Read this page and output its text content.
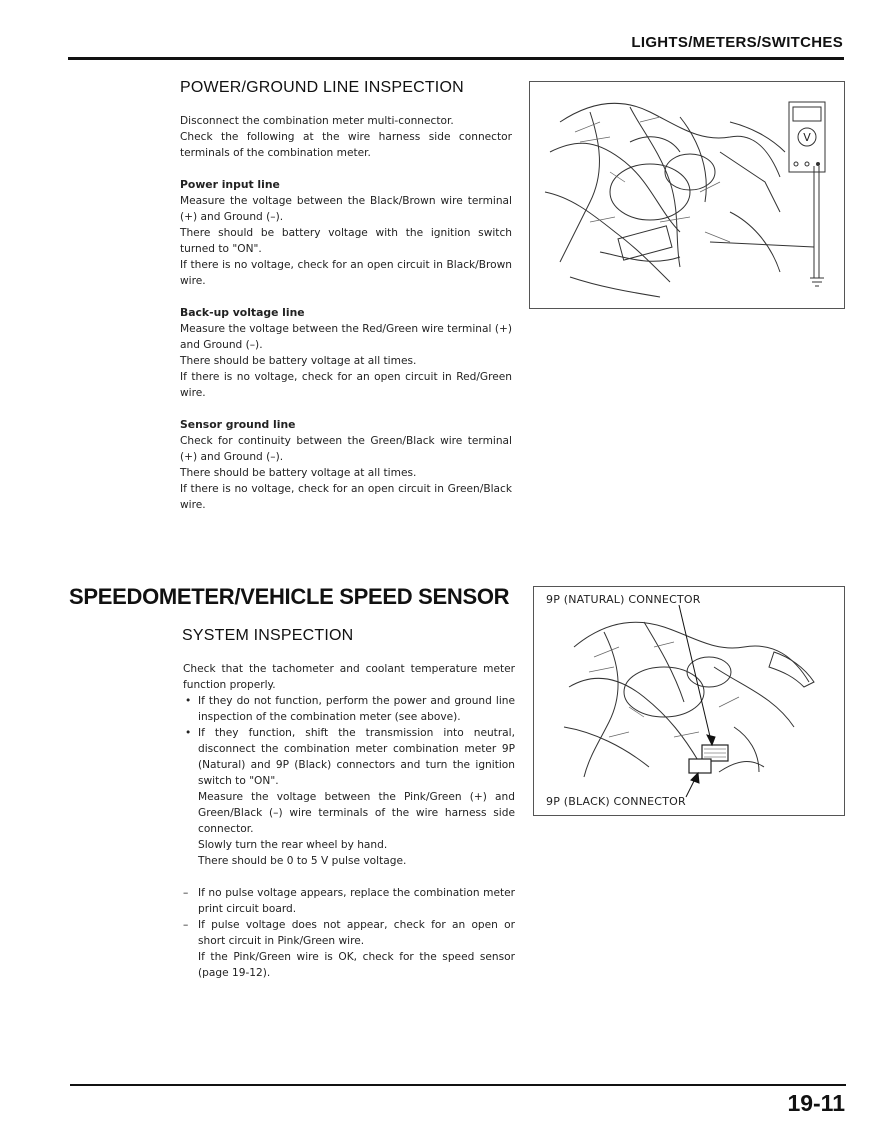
LIGHTS/METERS/SWITCHES
POWER/GROUND LINE INSPECTION

Disconnect the combination meter multi-connector.

Check the following at the wire harness side connector terminals of the combination meter.

Power input line

Measure the voltage between the Black/Brown wire terminal (+) and Ground (–).

There should be battery voltage with the ignition switch turned to "ON".

If there is no voltage, check for an open circuit in Black/Brown wire.

Back-up voltage line

Measure the voltage between the Red/Green wire terminal (+) and Ground (–).

There should be battery voltage at all times.

If there is no voltage, check for an open circuit in Red/Green wire.

Sensor ground line

Check for continuity between the Green/Black wire terminal (+) and Ground (–).

There should be battery voltage at all times.

If there is no voltage, check for an open circuit in Green/Black wire.

V
SPEEDOMETER/VEHICLE SPEED SENSOR
SYSTEM INSPECTION

Check that the tachometer and coolant temperature meter function properly.

• If they do not function, perform the power and ground line inspection of the combination meter (see above).
• If they function, shift the transmission into neutral, disconnect the combination meter combination meter 9P (Natural) and 9P (Black) connectors and turn the ignition switch to "ON".

Measure the voltage between the Pink/Green (+) and Green/Black (–) wire terminals of the wire harness side connector.

Slowly turn the rear wheel by hand.

There should be 0 to 5 V pulse voltage.

– If no pulse voltage appears, replace the combination meter print circuit board.
– If pulse voltage does not appear, check for an open or short circuit in Pink/Green wire.

If the Pink/Green wire is OK, check for the speed sensor (page 19-12).

9P (NATURAL) CONNECTOR
9P (BLACK) CONNECTOR
19-11
